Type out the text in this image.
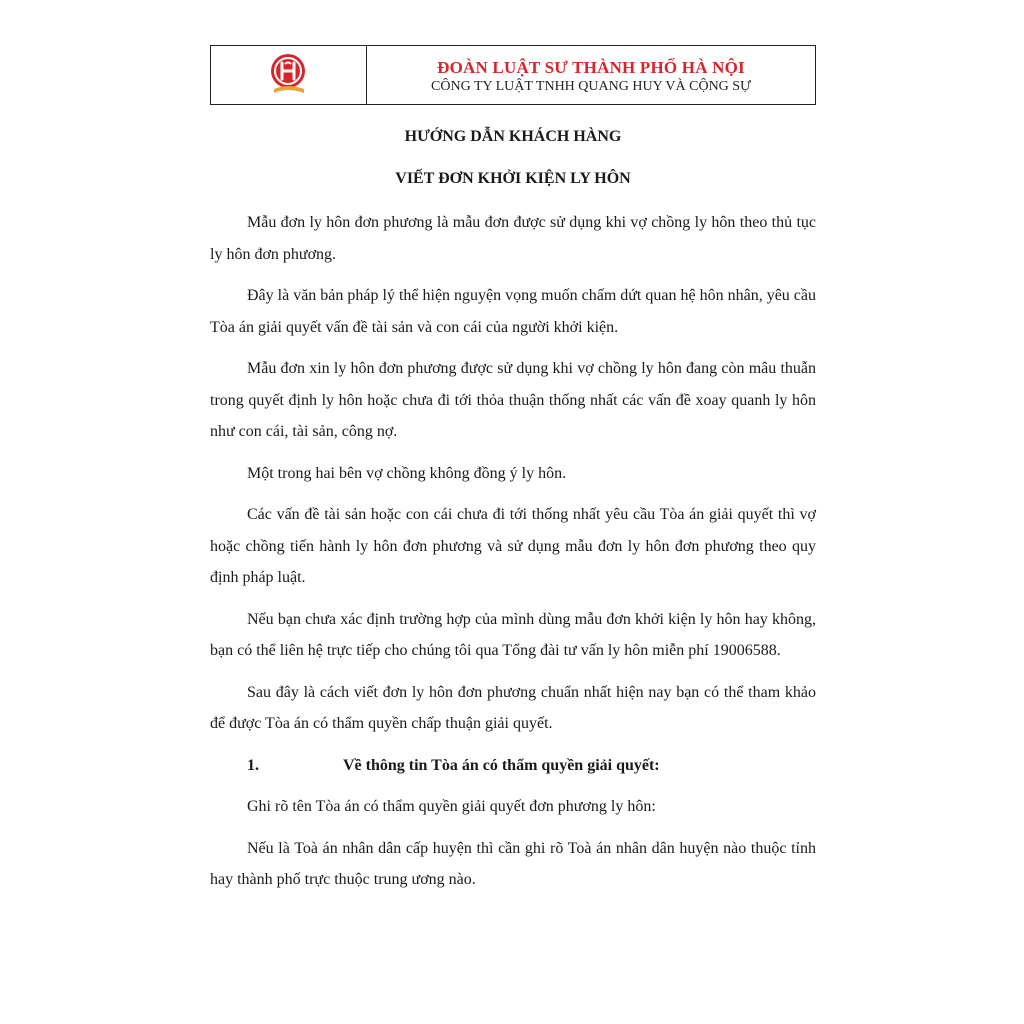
ĐOÀN LUẬT SƯ THÀNH PHỐ HÀ NỘI
CÔNG TY LUẬT TNHH QUANG HUY VÀ CỘNG SỰ
HƯỚNG DẪN KHÁCH HÀNG
VIẾT ĐƠN KHỞI KIỆN LY HÔN

Mẫu đơn ly hôn đơn phương là mẫu đơn được sử dụng khi vợ chồng ly hôn theo thủ tục ly hôn đơn phương.

Đây là văn bản pháp lý thể hiện nguyện vọng muốn chấm dứt quan hệ hôn nhân, yêu cầu Tòa án giải quyết vấn đề tài sản và con cái của người khởi kiện.

Mẫu đơn xin ly hôn đơn phương được sử dụng khi vợ chồng ly hôn đang còn mâu thuẫn trong quyết định ly hôn hoặc chưa đi tới thỏa thuận thống nhất các vấn đề xoay quanh ly hôn như con cái, tài sản, công nợ.

Một trong hai bên vợ chồng không đồng ý ly hôn.

Các vấn đề tài sản hoặc con cái chưa đi tới thống nhất yêu cầu Tòa án giải quyết thì vợ hoặc chồng tiến hành ly hôn đơn phương và sử dụng mẫu đơn ly hôn đơn phương theo quy định pháp luật.

Nếu bạn chưa xác định trường hợp của mình dùng mẫu đơn khởi kiện ly hôn hay không, bạn có thể liên hệ trực tiếp cho chúng tôi qua Tổng đài tư vấn ly hôn miễn phí 19006588.

Sau đây là cách viết đơn ly hôn đơn phương chuẩn nhất hiện nay bạn có thể tham khảo để được Tòa án có thẩm quyền chấp thuận giải quyết.

1.	Về thông tin Tòa án có thẩm quyền giải quyết:

Ghi rõ tên Tòa án có thẩm quyền giải quyết đơn phương ly hôn:

Nếu là Toà án nhân dân cấp huyện thì cần ghi rõ Toà án nhân dân huyện nào thuộc tỉnh hay thành phố trực thuộc trung ương nào.
